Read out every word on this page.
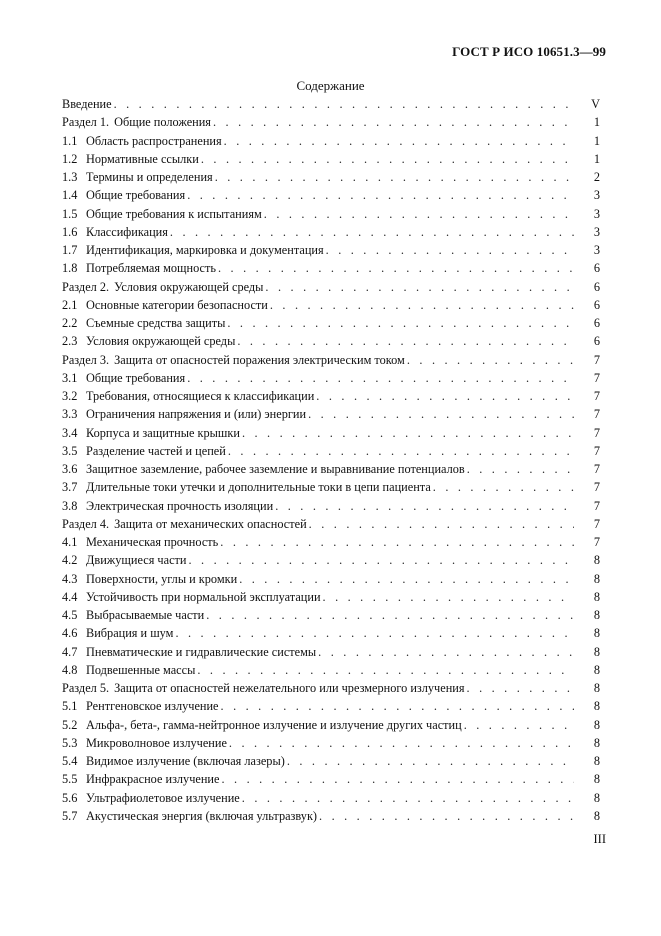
ГОСТ Р ИСО 10651.3—99
Содержание
Введение . . .	V
Раздел 1. Общие положения . . .	1
1.1 Область распространения . . .	1
1.2 Нормативные ссылки . . .	1
1.3 Термины и определения . . .	2
1.4 Общие требования . . .	3
1.5 Общие требования к испытаниям . . .	3
1.6 Классификация . . .	3
1.7 Идентификация, маркировка и документация . . .	3
1.8 Потребляемая мощность . . .	6
Раздел 2. Условия окружающей среды . . .	6
2.1 Основные категории безопасности . . .	6
2.2 Съемные средства защиты . . .	6
2.3 Условия окружающей среды . . .	6
Раздел 3. Защита от опасностей поражения электрическим током . . .	7
3.1 Общие требования . . .	7
3.2 Требования, относящиеся к классификации . . .	7
3.3 Ограничения напряжения и (или) энергии . . .	7
3.4 Корпуса и защитные крышки . . .	7
3.5 Разделение частей и цепей . . .	7
3.6 Защитное заземление, рабочее заземление и выравнивание потенциалов . . .	7
3.7 Длительные токи утечки и дополнительные токи в цепи пациента . . .	7
3.8 Электрическая прочность изоляции . . .	7
Раздел 4. Защита от механических опасностей . . .	7
4.1 Механическая прочность . . .	7
4.2 Движущиеся части . . .	8
4.3 Поверхности, углы и кромки . . .	8
4.4 Устойчивость при нормальной эксплуатации . . .	8
4.5 Выбрасываемые части . . .	8
4.6 Вибрация и шум . . .	8
4.7 Пневматические и гидравлические системы . . .	8
4.8 Подвешенные массы . . .	8
Раздел 5. Защита от опасностей нежелательного или чрезмерного излучения . . .	8
5.1 Рентгеновское излучение . . .	8
5.2 Альфа-, бета-, гамма-нейтронное излучение и излучение других частиц . . .	8
5.3 Микроволновое излучение . . .	8
5.4 Видимое излучение (включая лазеры) . . .	8
5.5 Инфракрасное излучение . . .	8
5.6 Ультрафиолетовое излучение . . .	8
5.7 Акустическая энергия (включая ультразвук) . . .	8
III
